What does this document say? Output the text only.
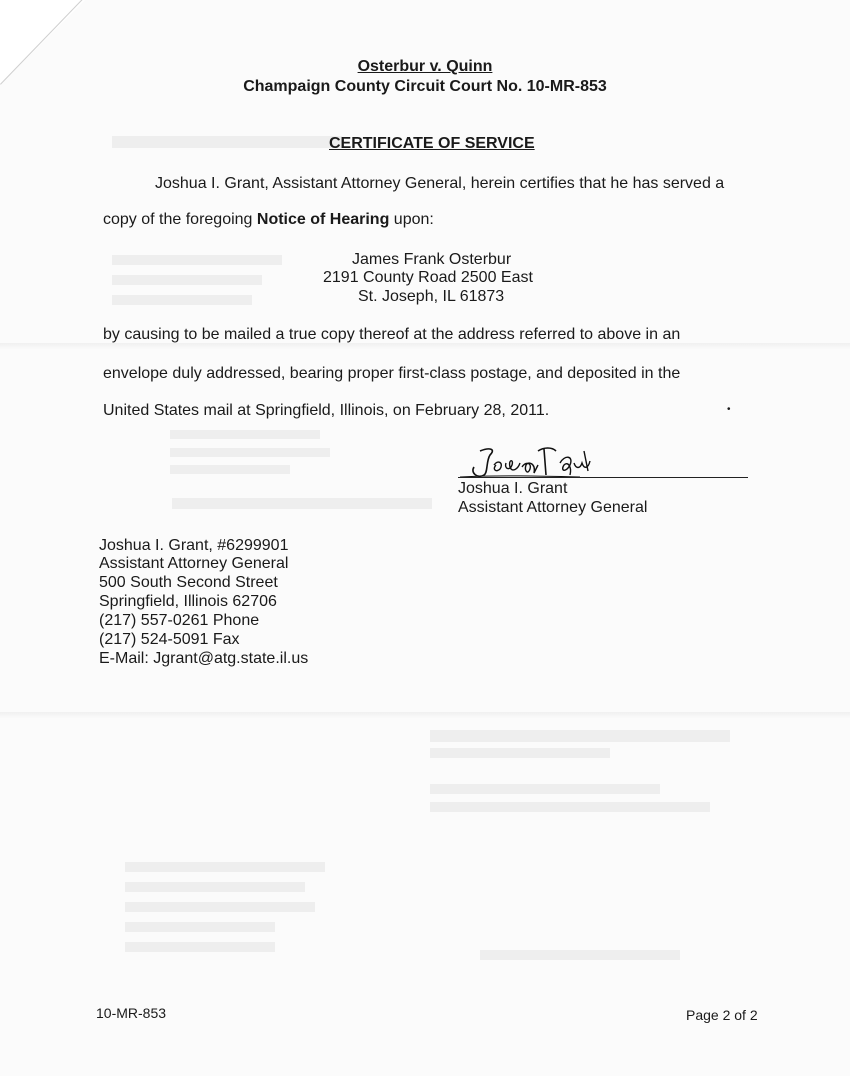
Osterbur v. Quinn
Champaign County Circuit Court No. 10-MR-853
CERTIFICATE OF SERVICE
Joshua I. Grant, Assistant Attorney General, herein certifies that he has served a
copy of the foregoing Notice of Hearing upon:
James Frank Osterbur
2191 County Road 2500 East
St. Joseph, IL 61873
by causing to be mailed a true copy thereof at the address referred to above in an
envelope duly addressed, bearing proper first-class postage, and deposited in the
United States mail at Springfield, Illinois, on February 28, 2011.
Joshua I. Grant
Assistant Attorney General
Joshua I. Grant, #6299901
Assistant Attorney General
500 South Second Street
Springfield, Illinois 62706
(217) 557-0261 Phone
(217) 524-5091 Fax
E-Mail: Jgrant@atg.state.il.us
10-MR-853	Page 2 of 2
•
